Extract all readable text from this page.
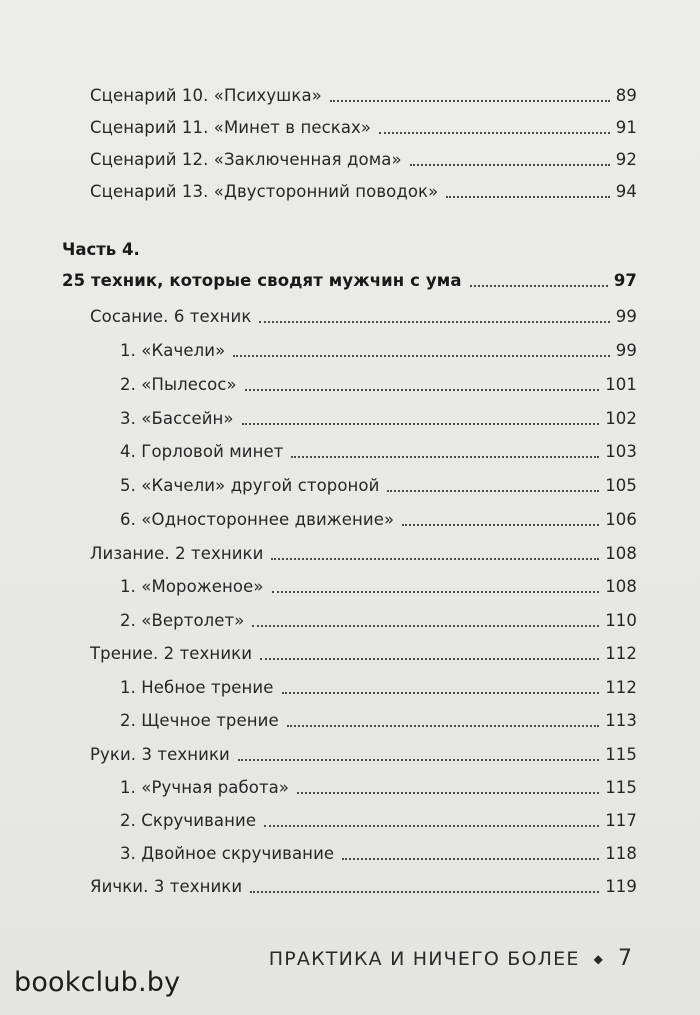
Сценарий 10. «Психушка»	89
Сценарий 11. «Минет в песках»	91
Сценарий 12. «Заключенная дома»	92
Сценарий 13. «Двусторонний поводок»	94
Часть 4.
25 техник, которые сводят мужчин с ума	97
Сосание. 6 техник	99
1. «Качели»	99
2. «Пылесос»	101
3. «Бассейн»	102
4. Горловой минет	103
5. «Качели» другой стороной	105
6. «Одностороннее движение»	106
Лизание. 2 техники	108
1. «Мороженое»	108
2. «Вертолет»	110
Трение. 2 техники	112
1. Небное трение	112
2. Щечное трение	113
Руки. 3 техники	115
1. «Ручная работа»	115
2. Скручивание	117
3. Двойное скручивание	118
Яички. 3 техники	119
ПРАКТИКА И НИЧЕГО БОЛЕЕ ◆ 7
bookclub.by
